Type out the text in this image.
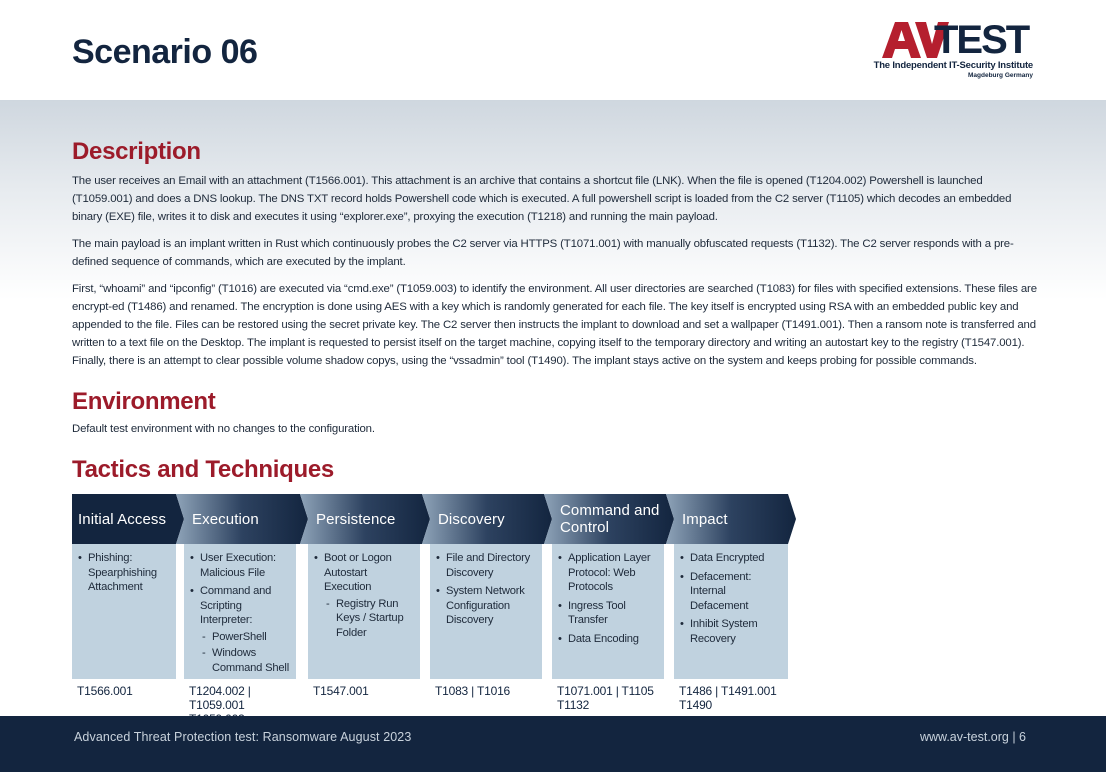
Scenario 06	TEST
The Independent IT-Security Institute
Magdeburg Germany
Description

The user receives an Email with an attachment (T1566.001). This attachment is an archive that contains a shortcut file (LNK). When the file is opened (T1204.002) Powershell is launched (T1059.001) and does a DNS lookup. The DNS TXT record holds Powershell code which is executed. A full powershell script is loaded from the C2 server (T1105) which decodes an embedded binary (EXE) file, writes it to disk and executes it using “explorer.exe”, proxying the execution (T1218) and running the main payload.

The main payload is an implant written in Rust which continuously probes the C2 server via HTTPS (T1071.001) with manually obfuscated requests (T1132). The C2 server responds with a pre-defined sequence of commands, which are executed by the implant.

First, “whoami” and “ipconfig” (T1016) are executed via “cmd.exe” (T1059.003) to identify the environment. All user directories are searched (T1083) for files with specified extensions. These files are encrypt-ed (T1486) and renamed. The encryption is done using AES with a key which is randomly generated for each file. The key itself is encrypted using RSA with an embedded public key and appended to the file. Files can be restored using the secret private key. The C2 server then instructs the implant to download and set a wallpaper (T1491.001). Then a ransom note is transferred and written to a text file on the Desktop. The implant is requested to persist itself on the target machine, copying itself to the temporary directory and writing an autostart key to the registry (T1547.001). Finally, there is an attempt to clear possible volume shadow copys, using the “vssadmin” tool (T1490). The implant stays active on the system and keeps probing for possible commands.

Environment

Default test environment with no changes to the configuration.

Tactics and Techniques
Initial Access
• Phishing: Spearphishing Attachment
T1566.001
Execution
• User Execution: Malicious File
• Command and Scripting Interpreter:
- PowerShell
- Windows Command Shell
T1204.002 | T1059.001
Persistence
• Boot or Logon Autostart Execution
- Registry Run Keys / Startup Folder
T1547.001
Discovery
• File and Directory Discovery
• System Network Configuration Discovery
T1083 | T1016
Command and Control
• Application Layer Protocol: Web Protocols
• Ingress Tool Transfer
• Data Encoding
T1071.001 | T1105 T1132
Impact
• Data Encrypted
• Defacement: Internal Defacement
• Inhibit System Recovery
T1486 | T1491.001 T1490
Advanced Threat Protection test: Ransomware August 2023	www.av-test.org | 6
